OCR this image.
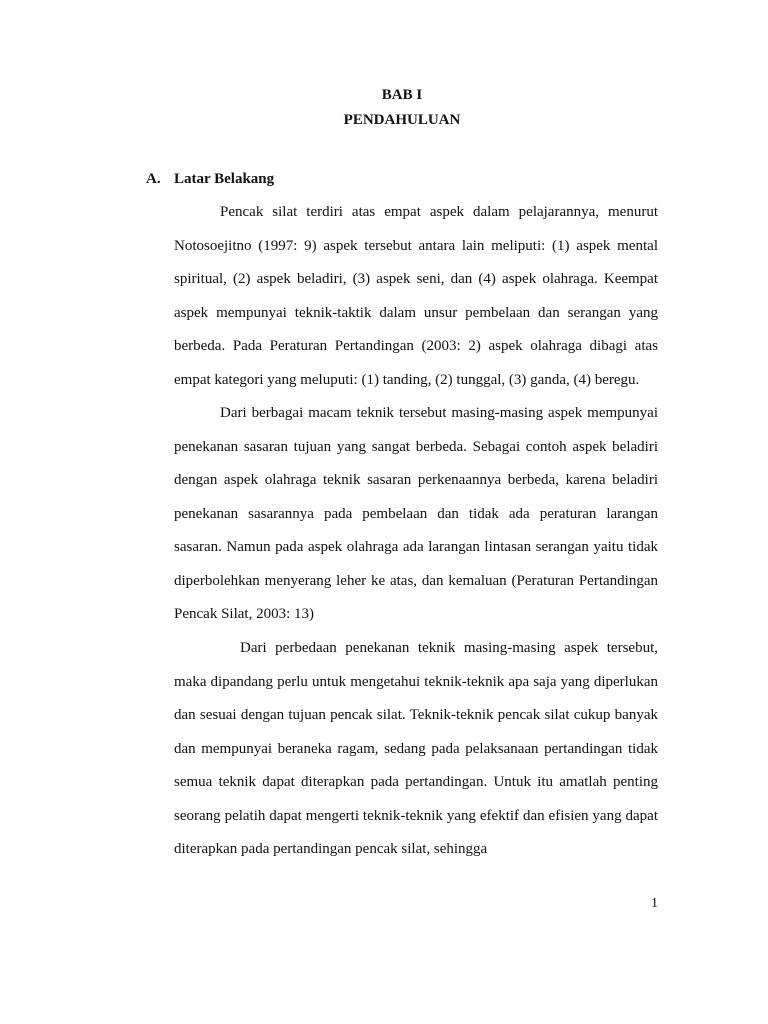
BAB I
PENDAHULUAN
A. Latar Belakang

Pencak silat terdiri atas empat aspek dalam pelajarannya, menurut Notosoejitno (1997: 9) aspek tersebut antara lain meliputi: (1) aspek mental spiritual, (2) aspek beladiri, (3) aspek seni, dan (4) aspek olahraga. Keempat aspek mempunyai teknik-taktik dalam unsur pembelaan dan serangan yang berbeda. Pada Peraturan Pertandingan (2003: 2) aspek olahraga dibagi atas empat kategori yang meluputi: (1) tanding, (2) tunggal, (3) ganda, (4) beregu.

Dari berbagai macam teknik tersebut masing-masing aspek mempunyai penekanan sasaran tujuan yang sangat berbeda. Sebagai contoh aspek beladiri dengan aspek olahraga teknik sasaran perkenaannya berbeda, karena beladiri penekanan sasarannya pada pembelaan dan tidak ada peraturan larangan sasaran. Namun pada aspek olahraga ada larangan lintasan serangan yaitu tidak diperbolehkan menyerang leher ke atas, dan kemaluan (Peraturan Pertandingan Pencak Silat, 2003: 13)

Dari perbedaan penekanan teknik masing-masing aspek tersebut, maka dipandang perlu untuk mengetahui teknik-teknik apa saja yang diperlukan dan sesuai dengan tujuan pencak silat. Teknik-teknik pencak silat cukup banyak dan mempunyai beraneka ragam, sedang pada pelaksanaan pertandingan tidak semua teknik dapat diterapkan pada pertandingan. Untuk itu amatlah penting seorang pelatih dapat mengerti teknik-teknik yang efektif dan efisien yang dapat diterapkan pada pertandingan pencak silat, sehingga

1
